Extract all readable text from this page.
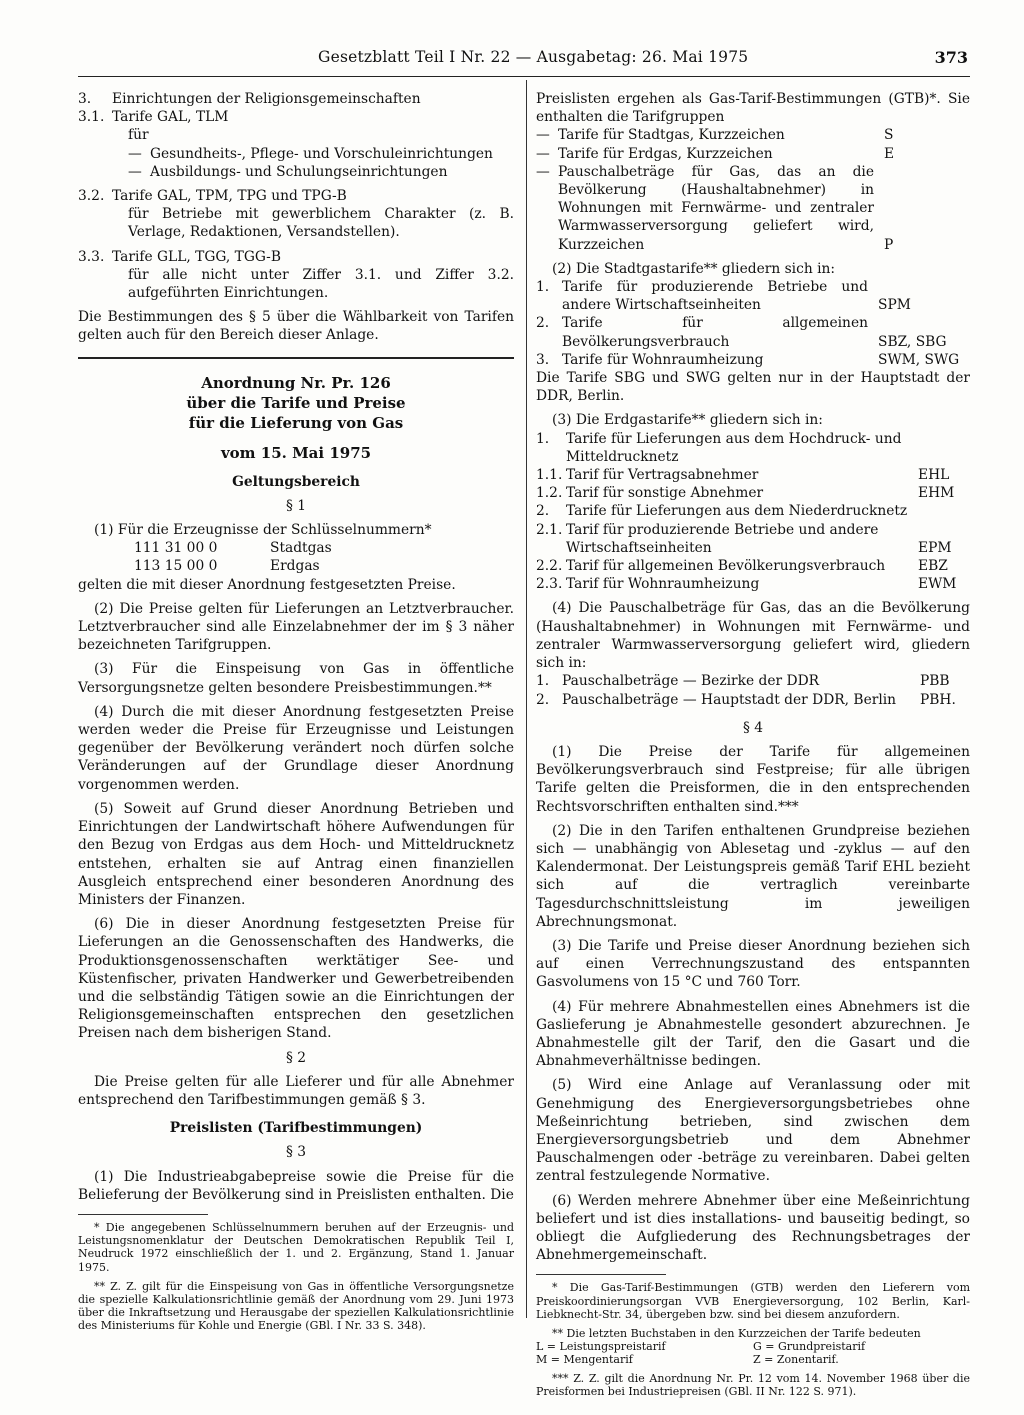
Gesetzblatt Teil I Nr. 22 — Ausgabetag: 26. Mai 1975	373
3.	Einrichtungen der Religionsgemeinschaften
3.1. Tarife GAL, TLM
für
— Gesundheits-, Pflege- und Vorschuleinrichtungen
— Ausbildungs- und Schulungseinrichtungen
3.2. Tarife GAL, TPM, TPG und TPG-B
für Betriebe mit gewerblichem Charakter (z. B. Verlage, Redaktionen, Versandstellen).
3.3. Tarife GLL, TGG, TGG-B
für alle nicht unter Ziffer 3.1. und Ziffer 3.2. aufgeführten Einrichtungen.

Die Bestimmungen des § 5 über die Wählbarkeit von Tarifen gelten auch für den Bereich dieser Anlage.

Anordnung Nr. Pr. 126

über die Tarife und Preise

für die Lieferung von Gas

vom 15. Mai 1975

Geltungsbereich

§ 1

(1) Für die Erzeugnisse der Schlüsselnummern*

111 31 00 0	Stadtgas
113 15 00 0	Erdgas

gelten die mit dieser Anordnung festgesetzten Preise.

(2) Die Preise gelten für Lieferungen an Letztverbraucher. Letztverbraucher sind alle Einzelabnehmer der im § 3 näher bezeichneten Tarifgruppen.

(3) Für die Einspeisung von Gas in öffentliche Versorgungsnetze gelten besondere Preisbestimmungen.**

(4) Durch die mit dieser Anordnung festgesetzten Preise werden weder die Preise für Erzeugnisse und Leistungen gegenüber der Bevölkerung verändert noch dürfen solche Veränderungen auf der Grundlage dieser Anordnung vorgenommen werden.

(5) Soweit auf Grund dieser Anordnung Betrieben und Einrichtungen der Landwirtschaft höhere Aufwendungen für den Bezug von Erdgas aus dem Hoch- und Mitteldrucknetz entstehen, erhalten sie auf Antrag einen finanziellen Ausgleich entsprechend einer besonderen Anordnung des Ministers der Finanzen.

(6) Die in dieser Anordnung festgesetzten Preise für Lieferungen an die Genossenschaften des Handwerks, die Produktionsgenossenschaften werktätiger See- und Küstenfischer, privaten Handwerker und Gewerbetreibenden und die selbständig Tätigen sowie an die Einrichtungen der Religionsgemeinschaften entsprechen den gesetzlichen Preisen nach dem bisherigen Stand.

§ 2

Die Preise gelten für alle Lieferer und für alle Abnehmer entsprechend den Tarifbestimmungen gemäß § 3.

Preislisten (Tarifbestimmungen)

§ 3

(1) Die Industrieabgabepreise sowie die Preise für die Belieferung der Bevölkerung sind in Preislisten enthalten. Die

* Die angegebenen Schlüsselnummern beruhen auf der Erzeugnis- und Leistungsnomenklatur der Deutschen Demokratischen Republik Teil I, Neudruck 1972 einschließlich der 1. und 2. Ergänzung, Stand 1. Januar 1975.

** Z. Z. gilt für die Einspeisung von Gas in öffentliche Versorgungsnetze die spezielle Kalkulationsrichtlinie gemäß der Anordnung vom 29. Juni 1973 über die Inkraftsetzung und Herausgabe der speziellen Kalkulationsrichtlinie des Ministeriums für Kohle und Energie (GBl. I Nr. 33 S. 348).

Preislisten ergehen als Gas-Tarif-Bestimmungen (GTB)*. Sie enthalten die Tarifgruppen

— Tarife für Stadtgas, Kurzzeichen	S
— Tarife für Erdgas, Kurzzeichen	E
— Pauschalbeträge für Gas, das an die Bevölkerung (Haushaltabnehmer) in Wohnungen mit Fernwärme- und zentraler Warmwasserversorgung geliefert wird, Kurzzeichen	P

(2) Die Stadtgastarife** gliedern sich in:

1. Tarife für produzierende Betriebe und andere Wirtschaftseinheiten	SPM
2. Tarife für allgemeinen Bevölkerungsverbrauch	SBZ, SBG
3. Tarife für Wohnraumheizung	SWM, SWG

Die Tarife SBG und SWG gelten nur in der Hauptstadt der DDR, Berlin.

(3) Die Erdgastarife** gliedern sich in:

1.	Tarife für Lieferungen aus dem Hochdruck- und Mitteldrucknetz
1.1. Tarif für Vertragsabnehmer	EHL
1.2. Tarif für sonstige Abnehmer	EHM
2.	Tarife für Lieferungen aus dem Niederdrucknetz
2.1. Tarif für produzierende Betriebe und andere Wirtschaftseinheiten	EPM
2.2. Tarif für allgemeinen Bevölkerungsverbrauch	EBZ
2.3. Tarif für Wohnraumheizung	EWM

(4) Die Pauschalbeträge für Gas, das an die Bevölkerung (Haushaltabnehmer) in Wohnungen mit Fernwärme- und zentraler Warmwasserversorgung geliefert wird, gliedern sich in:

1. Pauschalbeträge — Bezirke der DDR	PBB
2. Pauschalbeträge — Hauptstadt der DDR, Berlin	PBH.

§ 4

(1) Die Preise der Tarife für allgemeinen Bevölkerungsverbrauch sind Festpreise; für alle übrigen Tarife gelten die Preisformen, die in den entsprechenden Rechtsvorschriften enthalten sind.***

(2) Die in den Tarifen enthaltenen Grundpreise beziehen sich — unabhängig von Ablesetag und -zyklus — auf den Kalendermonat. Der Leistungspreis gemäß Tarif EHL bezieht sich auf die vertraglich vereinbarte Tagesdurchschnittsleistung im jeweiligen Abrechnungsmonat.

(3) Die Tarife und Preise dieser Anordnung beziehen sich auf einen Verrechnungszustand des entspannten Gasvolumens von 15 °C und 760 Torr.

(4) Für mehrere Abnahmestellen eines Abnehmers ist die Gaslieferung je Abnahmestelle gesondert abzurechnen. Je Abnahmestelle gilt der Tarif, den die Gasart und die Abnahmeverhältnisse bedingen.

(5) Wird eine Anlage auf Veranlassung oder mit Genehmigung des Energieversorgungsbetriebes ohne Meßeinrichtung betrieben, sind zwischen dem Energieversorgungsbetrieb und dem Abnehmer Pauschalmengen oder -beträge zu vereinbaren. Dabei gelten zentral festzulegende Normative.

(6) Werden mehrere Abnehmer über eine Meßeinrichtung beliefert und ist dies installations- und bauseitig bedingt, so obliegt die Aufgliederung des Rechnungsbetrages der Abnehmergemeinschaft.

* Die Gas-Tarif-Bestimmungen (GTB) werden den Lieferern vom Preiskoordinierungsorgan VVB Energieversorgung, 102 Berlin, Karl-Liebknecht-Str. 34, übergeben bzw. sind bei diesem anzufordern.

** Die letzten Buchstaben in den Kurzzeichen der Tarife bedeuten

L = Leistungspreistarif	G = Grundpreistarif
M = Mengentarif	Z = Zonentarif.

*** Z. Z. gilt die Anordnung Nr. Pr. 12 vom 14. November 1968 über die Preisformen bei Industriepreisen (GBl. II Nr. 122 S. 971).
